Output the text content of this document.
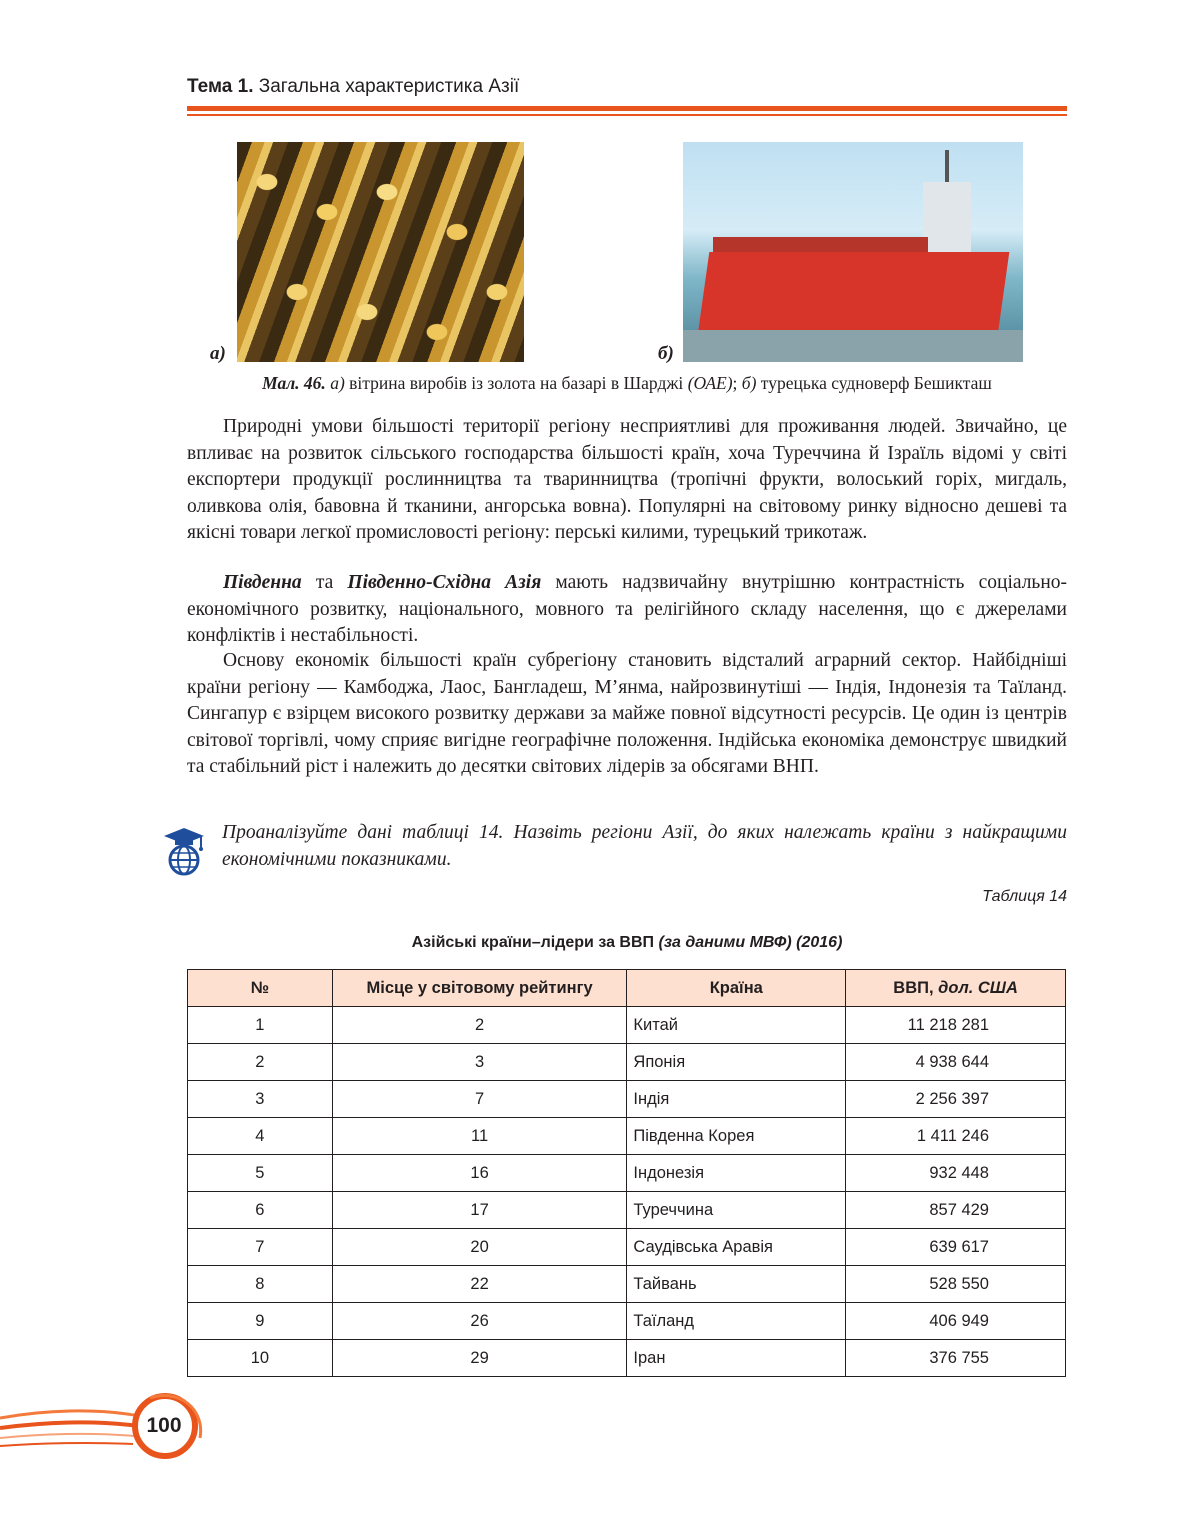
Тема 1. Загальна характеристика Азії
а)	б)
Мал. 46. а) вітрина виробів із золота на базарі в Шарджі (ОАЕ); б) турецька судноверф Бешикташ

Природні умови більшості території регіону несприятливі для проживання людей. Звичайно, це впливає на розвиток сільського господарства більшості країн, хоча Туреччина й Ізраїль відомі у світі експортери продукції рослинництва та тваринництва (тропічні фрукти, волоський горіх, мигдаль, оливкова олія, бавовна й тканини, ангорська вовна). Популярні на світовому ринку відносно дешеві та якісні товари легкої промисловості регіону: перські килими, турецький трикотаж.

Південна та Південно-Східна Азія мають надзвичайну внутрішню контрастність соціально-економічного розвитку, національного, мовного та релігійного складу населення, що є джерелами конфліктів і нестабільності.

Основу економік більшості країн субрегіону становить відсталий аграрний сектор. Найбідніші країни регіону — Камбоджа, Лаос, Бангладеш, М’янма, найрозвинутіші — Індія, Індонезія та Таїланд. Сингапур є взірцем високого розвитку держави за майже повної відсутності ресурсів. Це один із центрів світової торгівлі, чому сприяє вигідне географічне положення. Індійська економіка демонструє швидкий та стабільний ріст і належить до десятки світових лідерів за обсягами ВНП.

Проаналізуйте дані таблиці 14. Назвіть регіони Азії, до яких належать країни з найкращими економічними показниками.

Таблиця 14
Азійські країни–лідери за ВВП (за даними МВФ) (2016)
№	Місце у світовому рейтингу	Країна	ВВП, дол. США
1	2	Китай	11 218 281
2	3	Японія	4 938 644
3	7	Індія	2 256 397
4	11	Південна Корея	1 411 246
5	16	Індонезія	932 448
6	17	Туреччина	857 429
7	20	Саудівська Аравія	639 617
8	22	Тайвань	528 550
9	26	Таїланд	406 949
10	29	Іран	376 755
100
